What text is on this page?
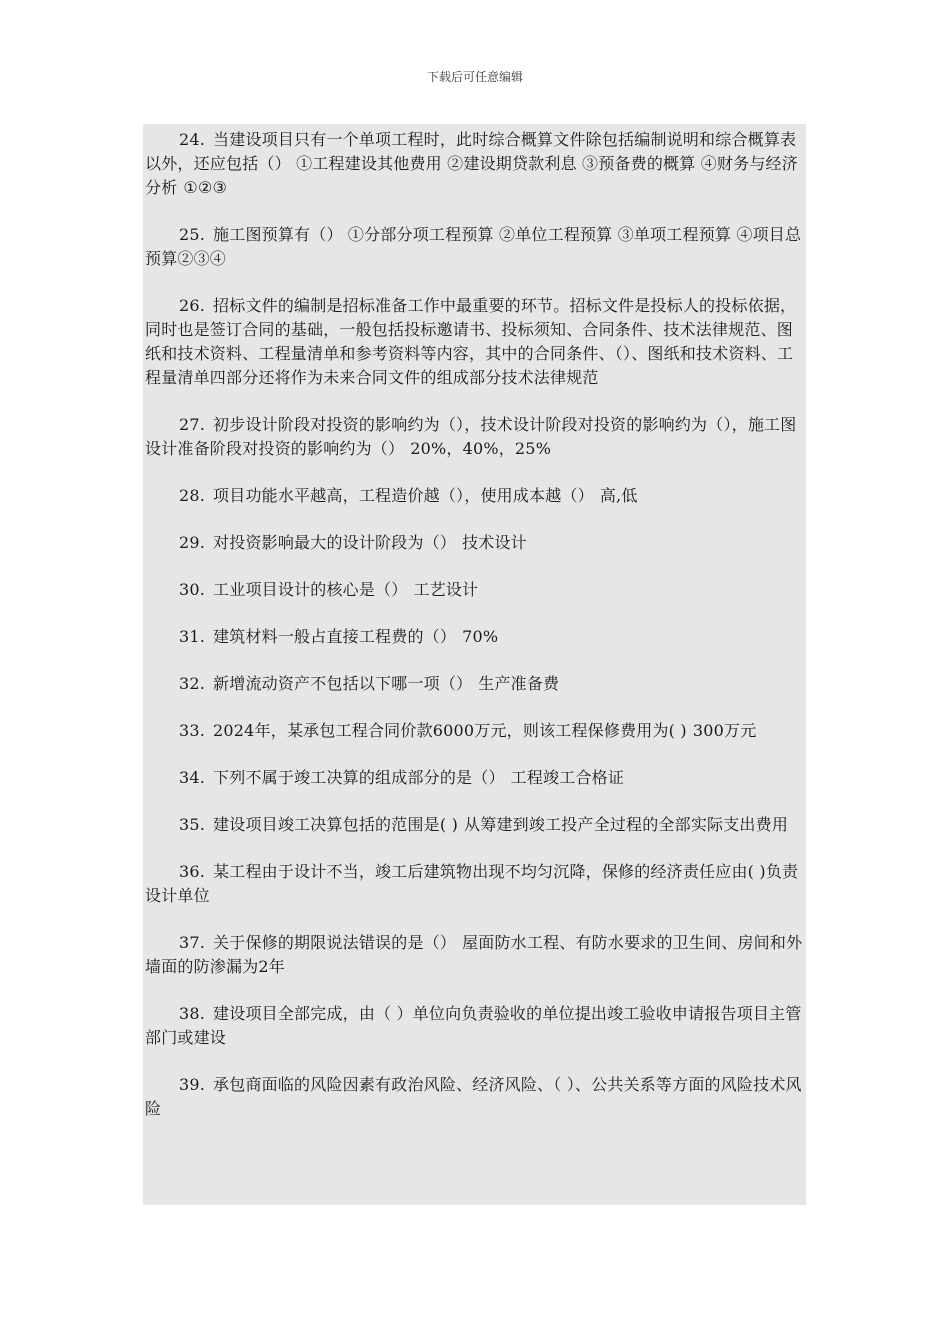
下载后可任意编辑

24. 当建设项目只有一个单项工程时，此时综合概算文件除包括编制说明和综合概算表以外，还应包括（） ①工程建设其他费用 ②建设期贷款利息 ③预备费的概算 ④财务与经济分析 ①②③

25. 施工图预算有（） ①分部分项工程预算 ②单位工程预算 ③单项工程预算 ④项目总预算②③④

26. 招标文件的编制是招标准备工作中最重要的环节。招标文件是投标人的投标依据，同时也是签订合同的基础，一般包括投标邀请书、投标须知、合同条件、技术法律规范、图纸和技术资料、工程量清单和参考资料等内容，其中的合同条件、（）、图纸和技术资料、工程量清单四部分还将作为未来合同文件的组成部分技术法律规范

27. 初步设计阶段对投资的影响约为（），技术设计阶段对投资的影响约为（），施工图设计准备阶段对投资的影响约为（） 20%，40%，25%

28. 项目功能水平越高，工程造价越（），使用成本越（） 高,低

29. 对投资影响最大的设计阶段为（） 技术设计

30. 工业项目设计的核心是（） 工艺设计

31. 建筑材料一般占直接工程费的（） 70%

32. 新增流动资产不包括以下哪一项（） 生产准备费

33. 2024年，某承包工程合同价款6000万元，则该工程保修费用为( ) 300万元

34. 下列不属于竣工决算的组成部分的是（） 工程竣工合格证

35. 建设项目竣工决算包括的范围是( ) 从筹建到竣工投产全过程的全部实际支出费用

36. 某工程由于设计不当，竣工后建筑物出现不均匀沉降，保修的经济责任应由( )负责设计单位

37. 关于保修的期限说法错误的是（） 屋面防水工程、有防水要求的卫生间、房间和外墙面的防渗漏为2年

38. 建设项目全部完成，由（ ）单位向负责验收的单位提出竣工验收申请报告项目主管部门或建设

39. 承包商面临的风险因素有政治风险、经济风险、（ ）、公共关系等方面的风险技术风险
